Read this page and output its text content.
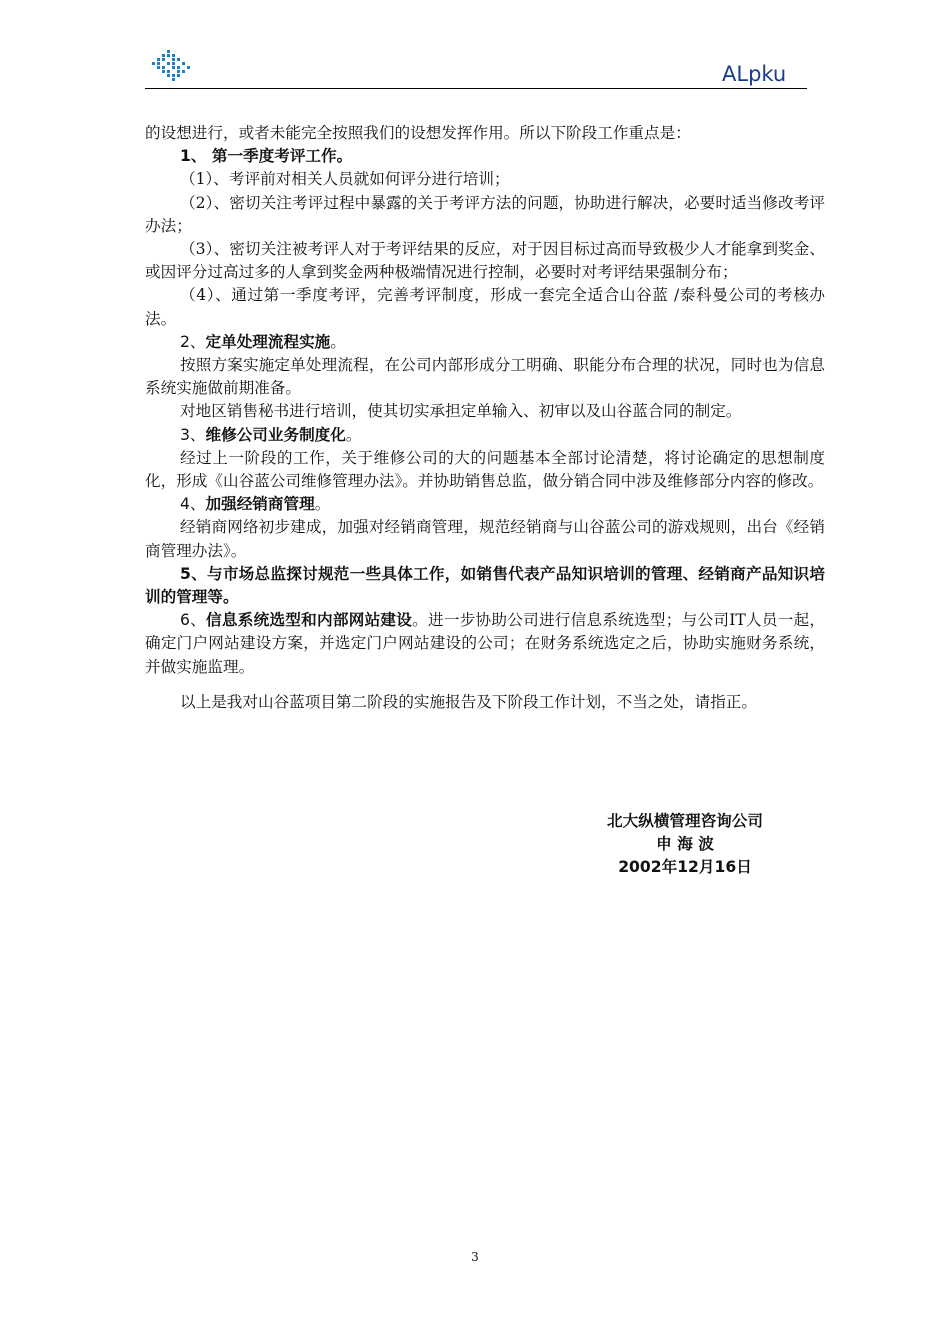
ALpku

的设想进行，或者未能完全按照我们的设想发挥作用。所以下阶段工作重点是：

1、 第一季度考评工作。

（1）、考评前对相关人员就如何评分进行培训；

（2）、密切关注考评过程中暴露的关于考评方法的问题，协助进行解决，必要时适当修改考评办法；

（3）、密切关注被考评人对于考评结果的反应，对于因目标过高而导致极少人才能拿到奖金、或因评分过高过多的人拿到奖金两种极端情况进行控制，必要时对考评结果强制分布；

（4）、通过第一季度考评，完善考评制度，形成一套完全适合山谷蓝 /泰科曼公司的考核办法。

2、定单处理流程实施。

按照方案实施定单处理流程，在公司内部形成分工明确、职能分布合理的状况，同时也为信息系统实施做前期准备。

对地区销售秘书进行培训，使其切实承担定单输入、初审以及山谷蓝合同的制定。

3、维修公司业务制度化。

经过上一阶段的工作，关于维修公司的大的问题基本全部讨论清楚，将讨论确定的思想制度化，形成《山谷蓝公司维修管理办法》。并协助销售总监，做分销合同中涉及维修部分内容的修改。

4、加强经销商管理。

经销商网络初步建成，加强对经销商管理，规范经销商与山谷蓝公司的游戏规则，出台《经销商管理办法》。

5、与市场总监探讨规范一些具体工作，如销售代表产品知识培训的管理、经销商产品知识培训的管理等。

6、信息系统选型和内部网站建设。进一步协助公司进行信息系统选型；与公司IT人员一起，确定门户网站建设方案，并选定门户网站建设的公司；在财务系统选定之后，协助实施财务系统，并做实施监理。

以上是我对山谷蓝项目第二阶段的实施报告及下阶段工作计划，不当之处，请指正。

北大纵横管理咨询公司
申 海 波
2002年12月16日
3
